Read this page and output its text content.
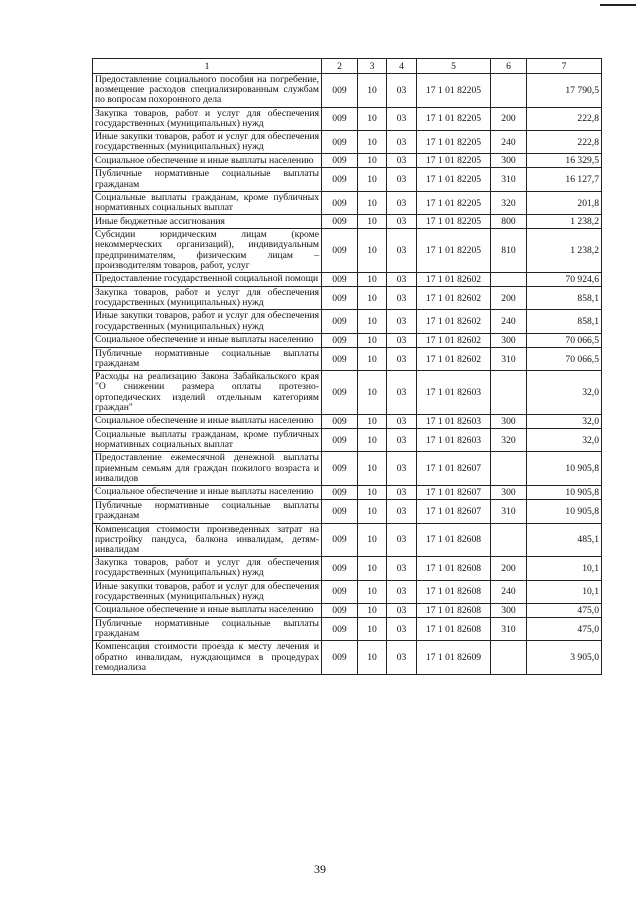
1	2	3	4	5	6	7
Предоставление социального пособия на погребение, возмещение расходов специализированным службам по вопросам похоронного дела	009	10	03	17 1 01 82205		17 790,5
Закупка товаров, работ и услуг для обеспечения государственных (муниципальных) нужд	009	10	03	17 1 01 82205	200	222,8
Иные закупки товаров, работ и услуг для обеспечения государственных (муниципальных) нужд	009	10	03	17 1 01 82205	240	222,8
Социальное обеспечение и иные выплаты населению	009	10	03	17 1 01 82205	300	16 329,5
Публичные нормативные социальные выплаты гражданам	009	10	03	17 1 01 82205	310	16 127,7
Социальные выплаты гражданам, кроме публичных нормативных социальных выплат	009	10	03	17 1 01 82205	320	201,8
Иные бюджетные ассигнования	009	10	03	17 1 01 82205	800	1 238,2
Субсидии юридическим лицам (кроме некоммерческих организаций), индивидуальным предпринимателям, физическим лицам – производителям товаров, работ, услуг	009	10	03	17 1 01 82205	810	1 238,2
Предоставление государственной социальной помощи	009	10	03	17 1 01 82602		70 924,6
Закупка товаров, работ и услуг для обеспечения государственных (муниципальных) нужд	009	10	03	17 1 01 82602	200	858,1
Иные закупки товаров, работ и услуг для обеспечения государственных (муниципальных) нужд	009	10	03	17 1 01 82602	240	858,1
Социальное обеспечение и иные выплаты населению	009	10	03	17 1 01 82602	300	70 066,5
Публичные нормативные социальные выплаты гражданам	009	10	03	17 1 01 82602	310	70 066,5
Расходы на реализацию Закона Забайкальского края "О снижении размера оплаты протезно-ортопедических изделий отдельным категориям граждан"	009	10	03	17 1 01 82603		32,0
Социальное обеспечение и иные выплаты населению	009	10	03	17 1 01 82603	300	32,0
Социальные выплаты гражданам, кроме публичных нормативных социальных выплат	009	10	03	17 1 01 82603	320	32,0
Предоставление ежемесячной денежной выплаты приемным семьям для граждан пожилого возраста и инвалидов	009	10	03	17 1 01 82607		10 905,8
Социальное обеспечение и иные выплаты населению	009	10	03	17 1 01 82607	300	10 905,8
Публичные нормативные социальные выплаты гражданам	009	10	03	17 1 01 82607	310	10 905,8
Компенсация стоимости произведенных затрат на пристройку пандуса, балкона инвалидам, детям-инвалидам	009	10	03	17 1 01 82608		485,1
Закупка товаров, работ и услуг для обеспечения государственных (муниципальных) нужд	009	10	03	17 1 01 82608	200	10,1
Иные закупки товаров, работ и услуг для обеспечения государственных (муниципальных) нужд	009	10	03	17 1 01 82608	240	10,1
Социальное обеспечение и иные выплаты населению	009	10	03	17 1 01 82608	300	475,0
Публичные нормативные социальные выплаты гражданам	009	10	03	17 1 01 82608	310	475,0
Компенсация стоимости проезда к месту лечения и обратно инвалидам, нуждающимся в процедурах гемодиализа	009	10	03	17 1 01 82609		3 905,0
39
